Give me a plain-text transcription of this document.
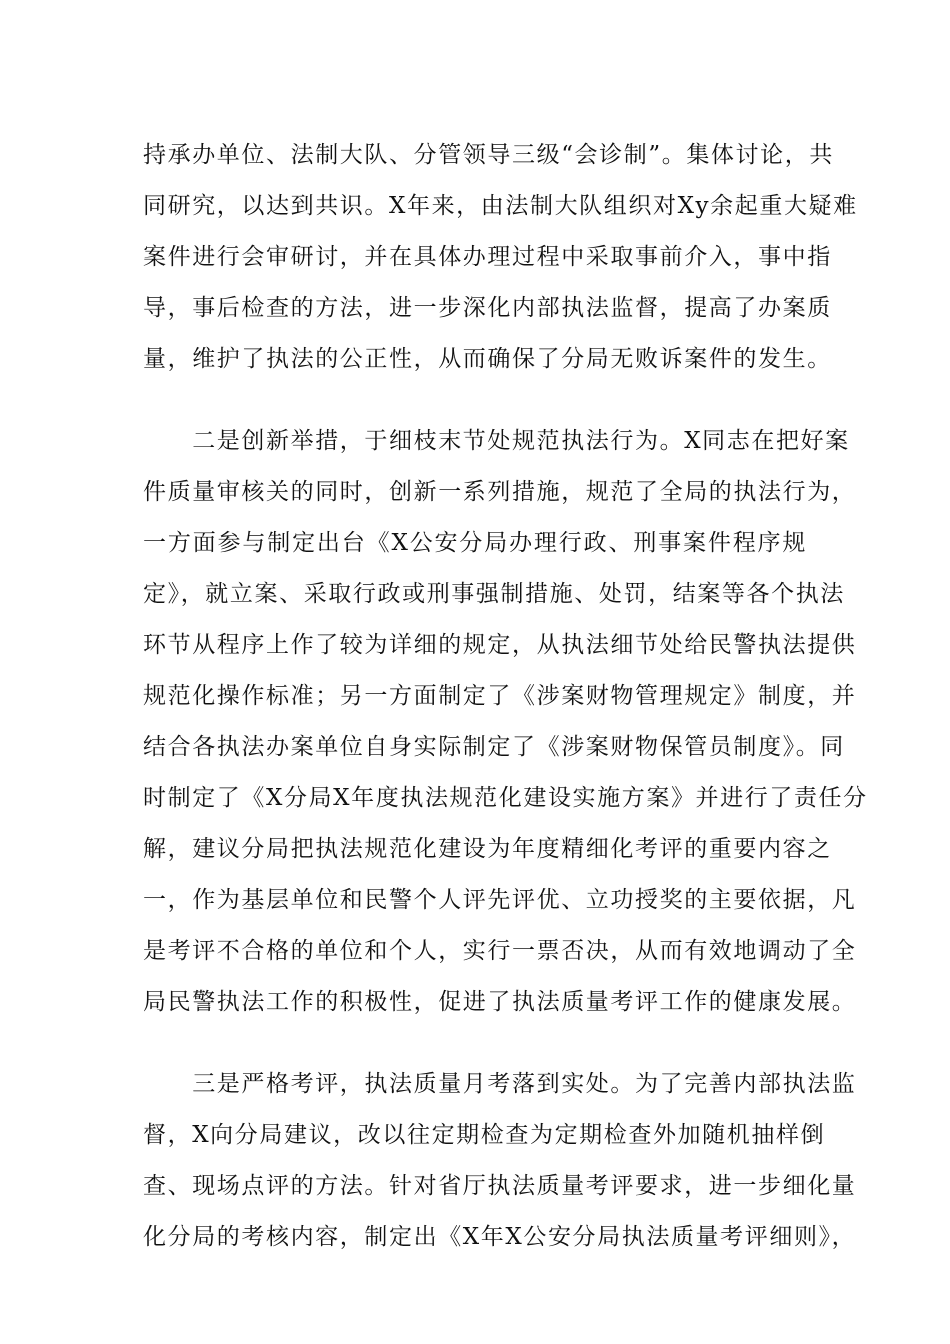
持承办单位、法制大队、分管领导三级“会诊制”。集体讨论，共
同研究，以达到共识。X年来，由法制大队组织对Xy余起重大疑难
案件进行会审研讨，并在具体办理过程中采取事前介入，事中指
导，事后检查的方法，进一步深化内部执法监督，提高了办案质
量，维护了执法的公正性，从而确保了分局无败诉案件的发生。
　　二是创新举措，于细枝末节处规范执法行为。X同志在把好案
件质量审核关的同时，创新一系列措施，规范了全局的执法行为，
一方面参与制定出台《X公安分局办理行政、刑事案件程序规
定》，就立案、采取行政或刑事强制措施、处罚，结案等各个执法
环节从程序上作了较为详细的规定，从执法细节处给民警执法提供
规范化操作标准；另一方面制定了《涉案财物管理规定》制度，并
结合各执法办案单位自身实际制定了《涉案财物保管员制度》。同
时制定了《X分局X年度执法规范化建设实施方案》并进行了责任分
解，建议分局把执法规范化建设为年度精细化考评的重要内容之
一，作为基层单位和民警个人评先评优、立功授奖的主要依据，凡
是考评不合格的单位和个人，实行一票否决，从而有效地调动了全
局民警执法工作的积极性，促进了执法质量考评工作的健康发展。
　　三是严格考评，执法质量月考落到实处。为了完善内部执法监
督，X向分局建议，改以往定期检查为定期检查外加随机抽样倒
查、现场点评的方法。针对省厅执法质量考评要求，进一步细化量
化分局的考核内容，制定出《X年X公安分局执法质量考评细则》，
